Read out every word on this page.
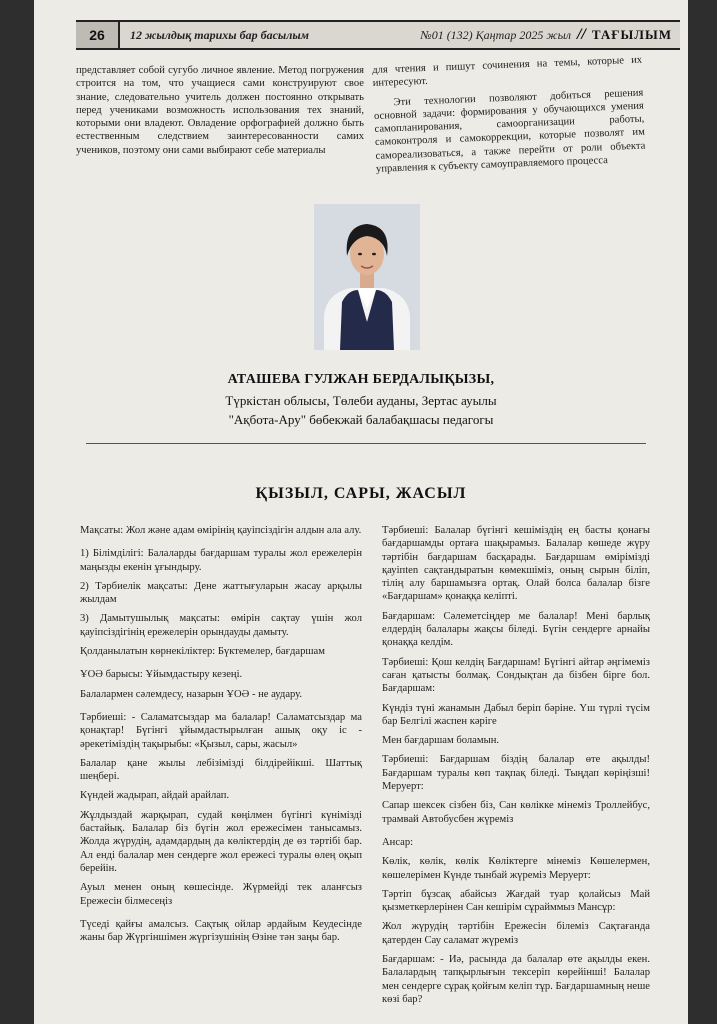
26	12 жылдық тарихы бар басылым	№01 (132) Қаңтар 2025 жыл // ТАҒЫЛЫМ

представляет собой сугубо личное явление. Метод погружения строится на том, что учащиеся сами конструируют свое знание, следовательно учитель должен постоянно открывать перед учениками возможность использования тех знаний, которыми они владеют. Овладение орфографией должно быть естественным следствием заинтересованности самих учеников, поэтому они сами выбирают себе материалы

для чтения и пишут сочинения на темы, которые их интересуют.

Эти технологии позволяют добиться решения основной задачи: формирования у обучающихся умения самопланирования, самоорганизации работы, самоконтроля и самокоррекции, которые позволят им самореализоваться, а также перейти от роли объекта управления к субъекту самоуправляемого процесса

АТАШЕВА ГУЛЖАН БЕРДАЛЫҚЫЗЫ,
Түркістан облысы, Төлеби ауданы, Зертас ауылы
"Ақбота-Ару" бөбекжай балабақшасы педагогы
ҚЫЗЫЛ, САРЫ, ЖАСЫЛ

Мақсаты: Жол және адам өмірінің қауіпсіздігін алдын ала алу.

1) Білімділігі: Балаларды бағдаршам туралы жол ережелерін маңызды екенін ұғындыру.

2) Тәрбиелік мақсаты: Дене жаттығуларын жасау арқылы жылдам

3) Дамытушылық мақсаты: өмірін сақтау үшін жол қауіпсіздігінің ережелерін орындауды дамыту.

Қолданылатын көрнекіліктер: Бүктемелер, бағдаршам

ҰОӘ барысы: Ұйымдастыру кезеңі.

Балалармен сәлемдесу, назарын ҰОӘ - не аудару.

Тәрбиеші: - Саламатсыздар ма балалар! Саламатсыздар ма қонақтар! Бүгінгі ұйымдастырылған ашық оқу іс - әрекетіміздің тақырыбы: «Қызыл, сары, жасыл»

Балалар қане жылы лебізімізді білдірейікші. Шаттық шеңбері.

Күндей жадырап, айдай арайлап.

Жұлдыздай жарқырап, судай көңілмен бүгінгі күнімізді бастайық. Балалар біз бүгін жол ережесімен танысамыз. Жолда жүрудің, адамдардың да көліктердің де өз тәртібі бар. Ал енді балалар мен сендерге жол ережесі туралы өлең оқып берейін.

Ауыл менен оның көшесінде. Жүрмейді тек аланғсыз Ережесін білмесеңіз

Түседі қайғы амалсыз. Сақтық ойлар әрдайым Кеудесінде жаны бар Жүргіншімен жүргізушінің Өзіне тән заңы бар.

Тәрбиеші: Балалар бүгінгі кешіміздің ең басты қонағы бағдаршамды ортаға шақырамыз. Балалар көшеде жүру тәртібін бағдаршам басқарады. Бағдаршам өмірімізді қауіпten сақтандыратын көмекшіміз, оның сырын біліп, тілің алу баршамызға ортақ. Олай болса балалар бізге «Бағдаршам» қонаққа келіпті.

Бағдаршам: Сәлеметсіңдер ме балалар! Мені барлық елдердің балалары жақсы біледі. Бүгін сендерге арнайы қонаққа келдім.

Тәрбиеші: Қош келдің Бағдаршам! Бүгінгі айтар әңгімеміз саған қатысты болмақ. Сондықтан да бізбен бірге бол. Бағдаршам:

Күндіз түні жанамын Дабыл беріп бәріне. Үш түрлі түсім бар Белгілі жаспен кәріге

Мен бағдаршам боламын.

Тәрбиеші: Бағдаршам біздің балалар өте ақылды! Бағдаршам туралы көп тақпақ біледі. Тыңдап көріңізші! Меруерт:

Сапар шексек сізбен біз, Сан көлікке мінеміз Троллейбус, трамвай Автобусбен жүреміз

Ансар:

Көлік, көлік, көлік Көліктерге мінеміз Көшелермен, көшелерімен Күнде тынбай жүреміз Меруерт:

Тәртіп бұзсақ абайсыз Жағдай туар қолайсыз Май қызметкерлерінен Сан кешірім сұрайммыз Мансұр:

Жол жүрудің тәртібін Ережесін білеміз Сақтағанда қатерден Сау саламат жүреміз

Бағдаршам: - Иә, расында да балалар өте ақылды екен. Балалардың тапқырлығын тексеріп көрейінші! Балалар мен сендерге сұрақ қойғым келіп тұр. Бағдаршамның неше көзі бар?
